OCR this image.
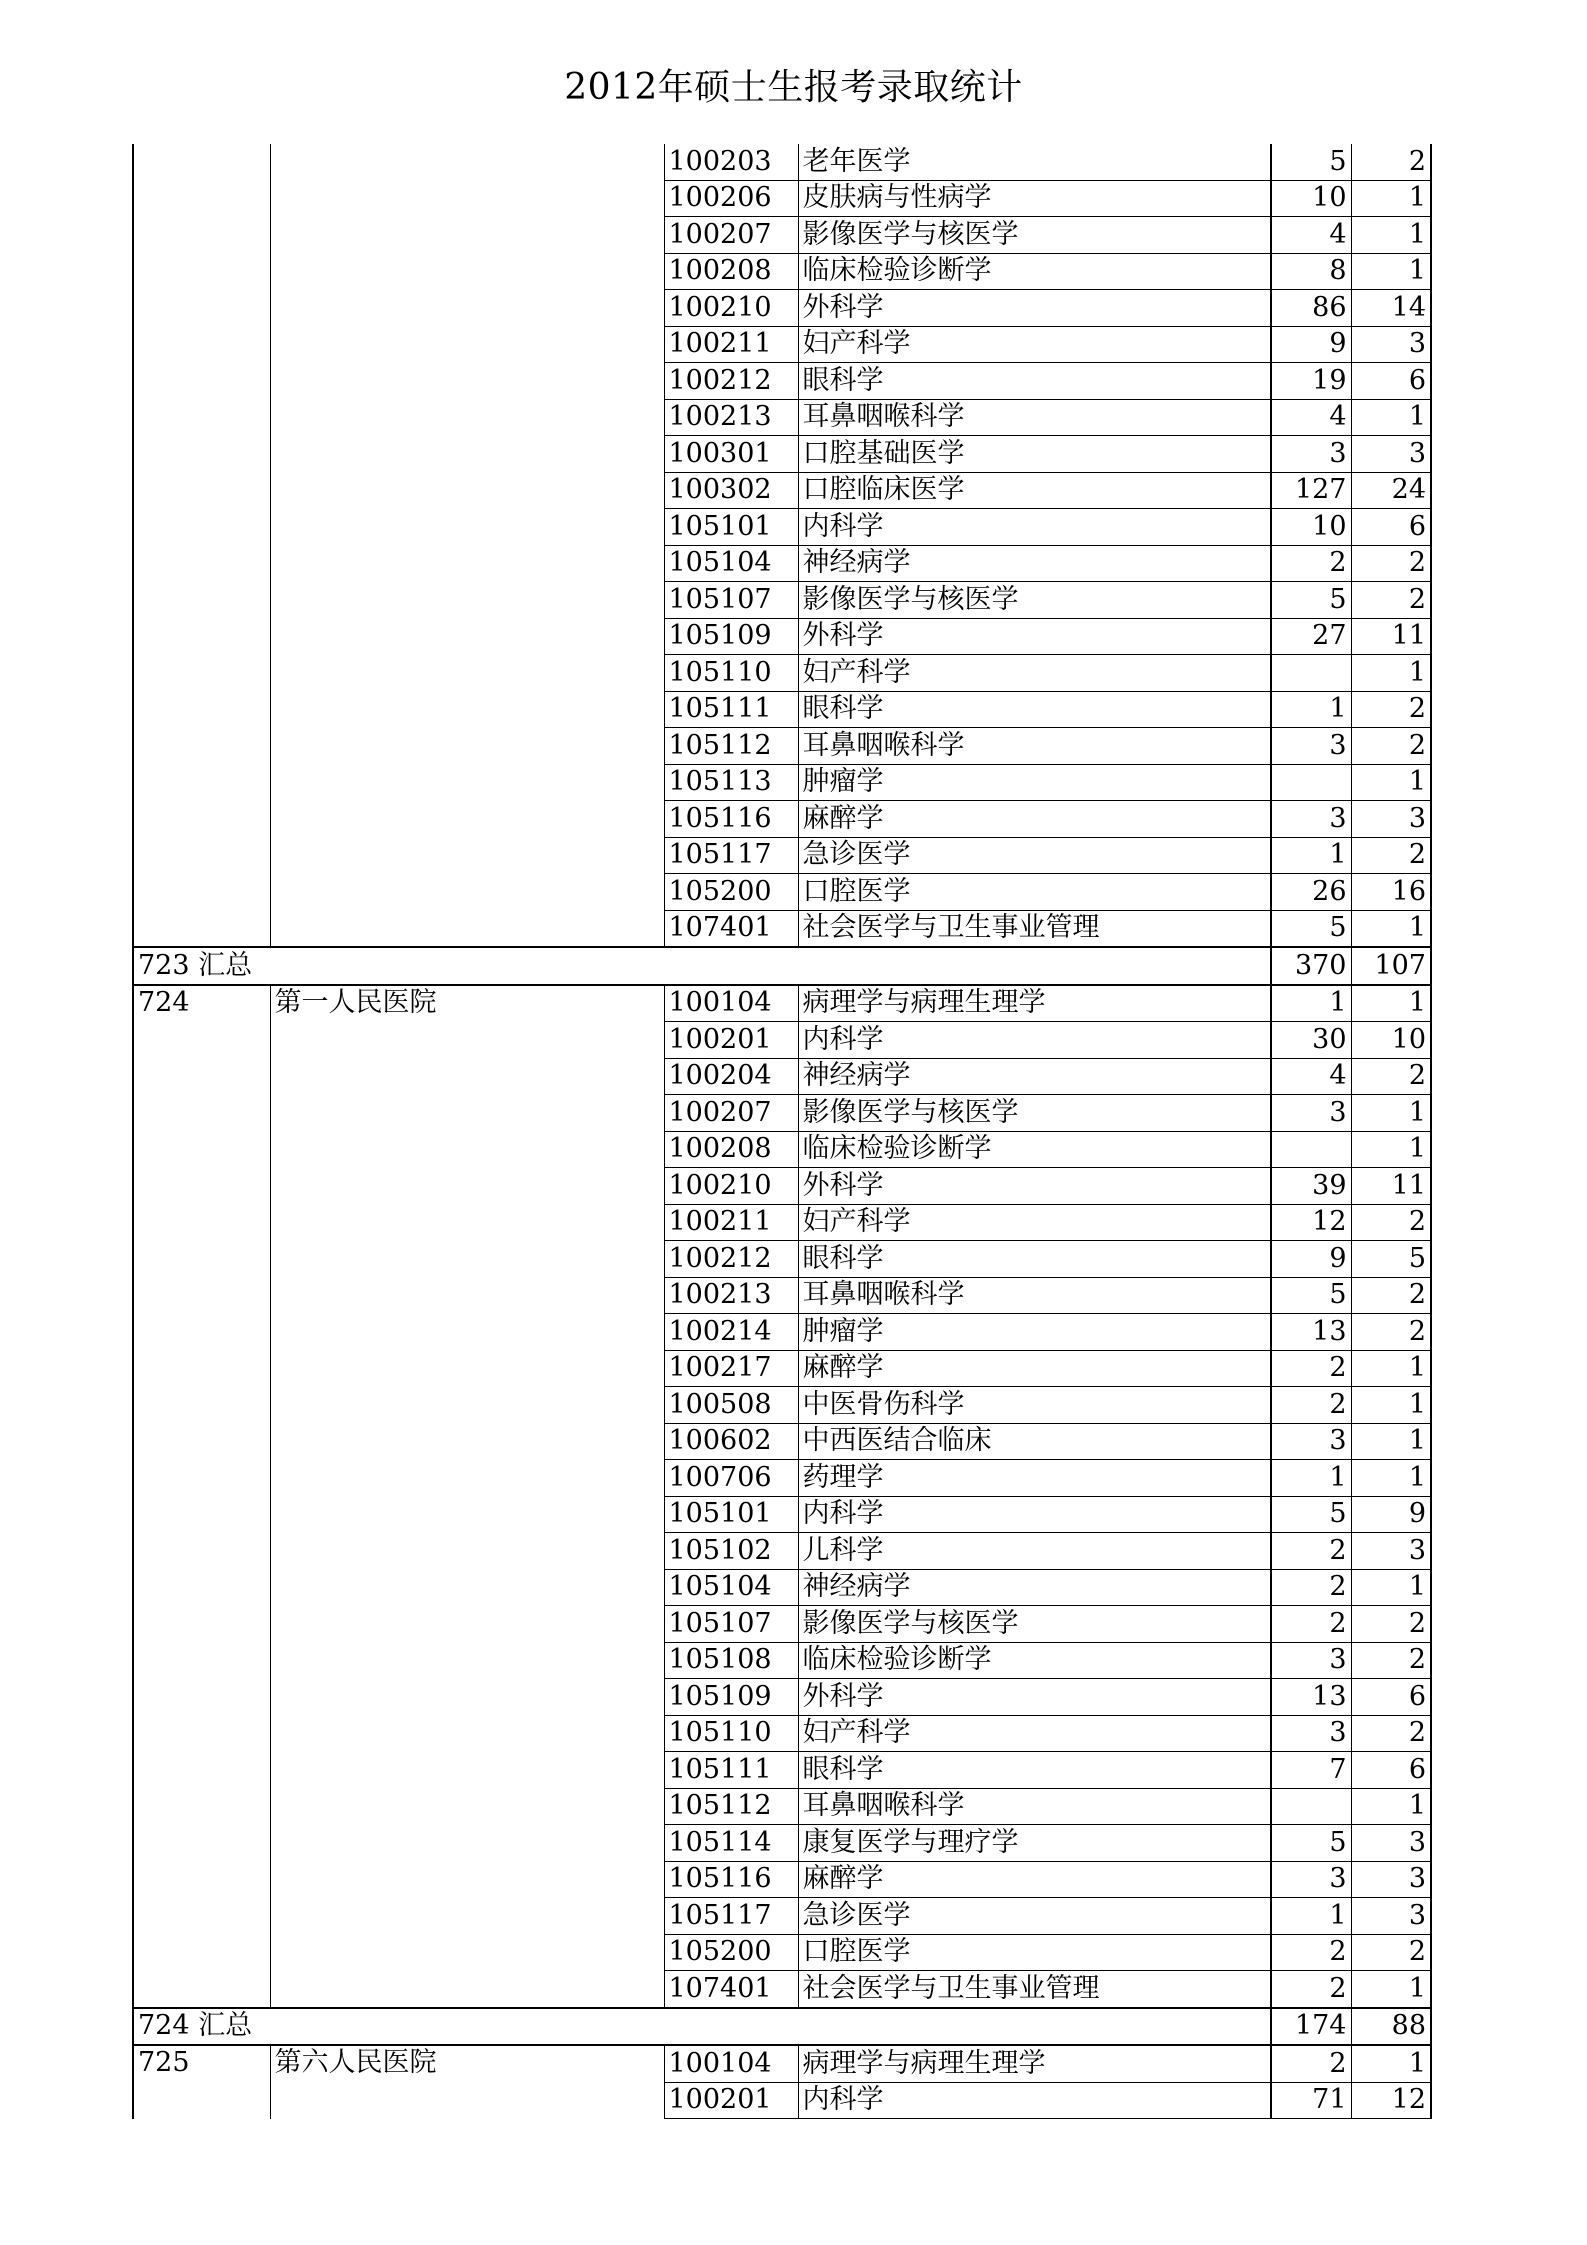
2012年硕士生报考录取统计
		100203	老年医学	5	2
		100206	皮肤病与性病学	10	1
		100207	影像医学与核医学	4	1
		100208	临床检验诊断学	8	1
		100210	外科学	86	14
		100211	妇产科学	9	3
		100212	眼科学	19	6
		100213	耳鼻咽喉科学	4	1
		100301	口腔基础医学	3	3
		100302	口腔临床医学	127	24
		105101	内科学	10	6
		105104	神经病学	2	2
		105107	影像医学与核医学	5	2
		105109	外科学	27	11
		105110	妇产科学		1
		105111	眼科学	1	2
		105112	耳鼻咽喉科学	3	2
		105113	肿瘤学		1
		105116	麻醉学	3	3
		105117	急诊医学	1	2
		105200	口腔医学	26	16
		107401	社会医学与卫生事业管理	5	1
723 汇总				370	107
724	第一人民医院	100104	病理学与病理生理学	1	1
		100201	内科学	30	10
		100204	神经病学	4	2
		100207	影像医学与核医学	3	1
		100208	临床检验诊断学		1
		100210	外科学	39	11
		100211	妇产科学	12	2
		100212	眼科学	9	5
		100213	耳鼻咽喉科学	5	2
		100214	肿瘤学	13	2
		100217	麻醉学	2	1
		100508	中医骨伤科学	2	1
		100602	中西医结合临床	3	1
		100706	药理学	1	1
		105101	内科学	5	9
		105102	儿科学	2	3
		105104	神经病学	2	1
		105107	影像医学与核医学	2	2
		105108	临床检验诊断学	3	2
		105109	外科学	13	6
		105110	妇产科学	3	2
		105111	眼科学	7	6
		105112	耳鼻咽喉科学		1
		105114	康复医学与理疗学	5	3
		105116	麻醉学	3	3
		105117	急诊医学	1	3
		105200	口腔医学	2	2
		107401	社会医学与卫生事业管理	2	1
724 汇总				174	88
725	第六人民医院	100104	病理学与病理生理学	2	1
		100201	内科学	71	12
